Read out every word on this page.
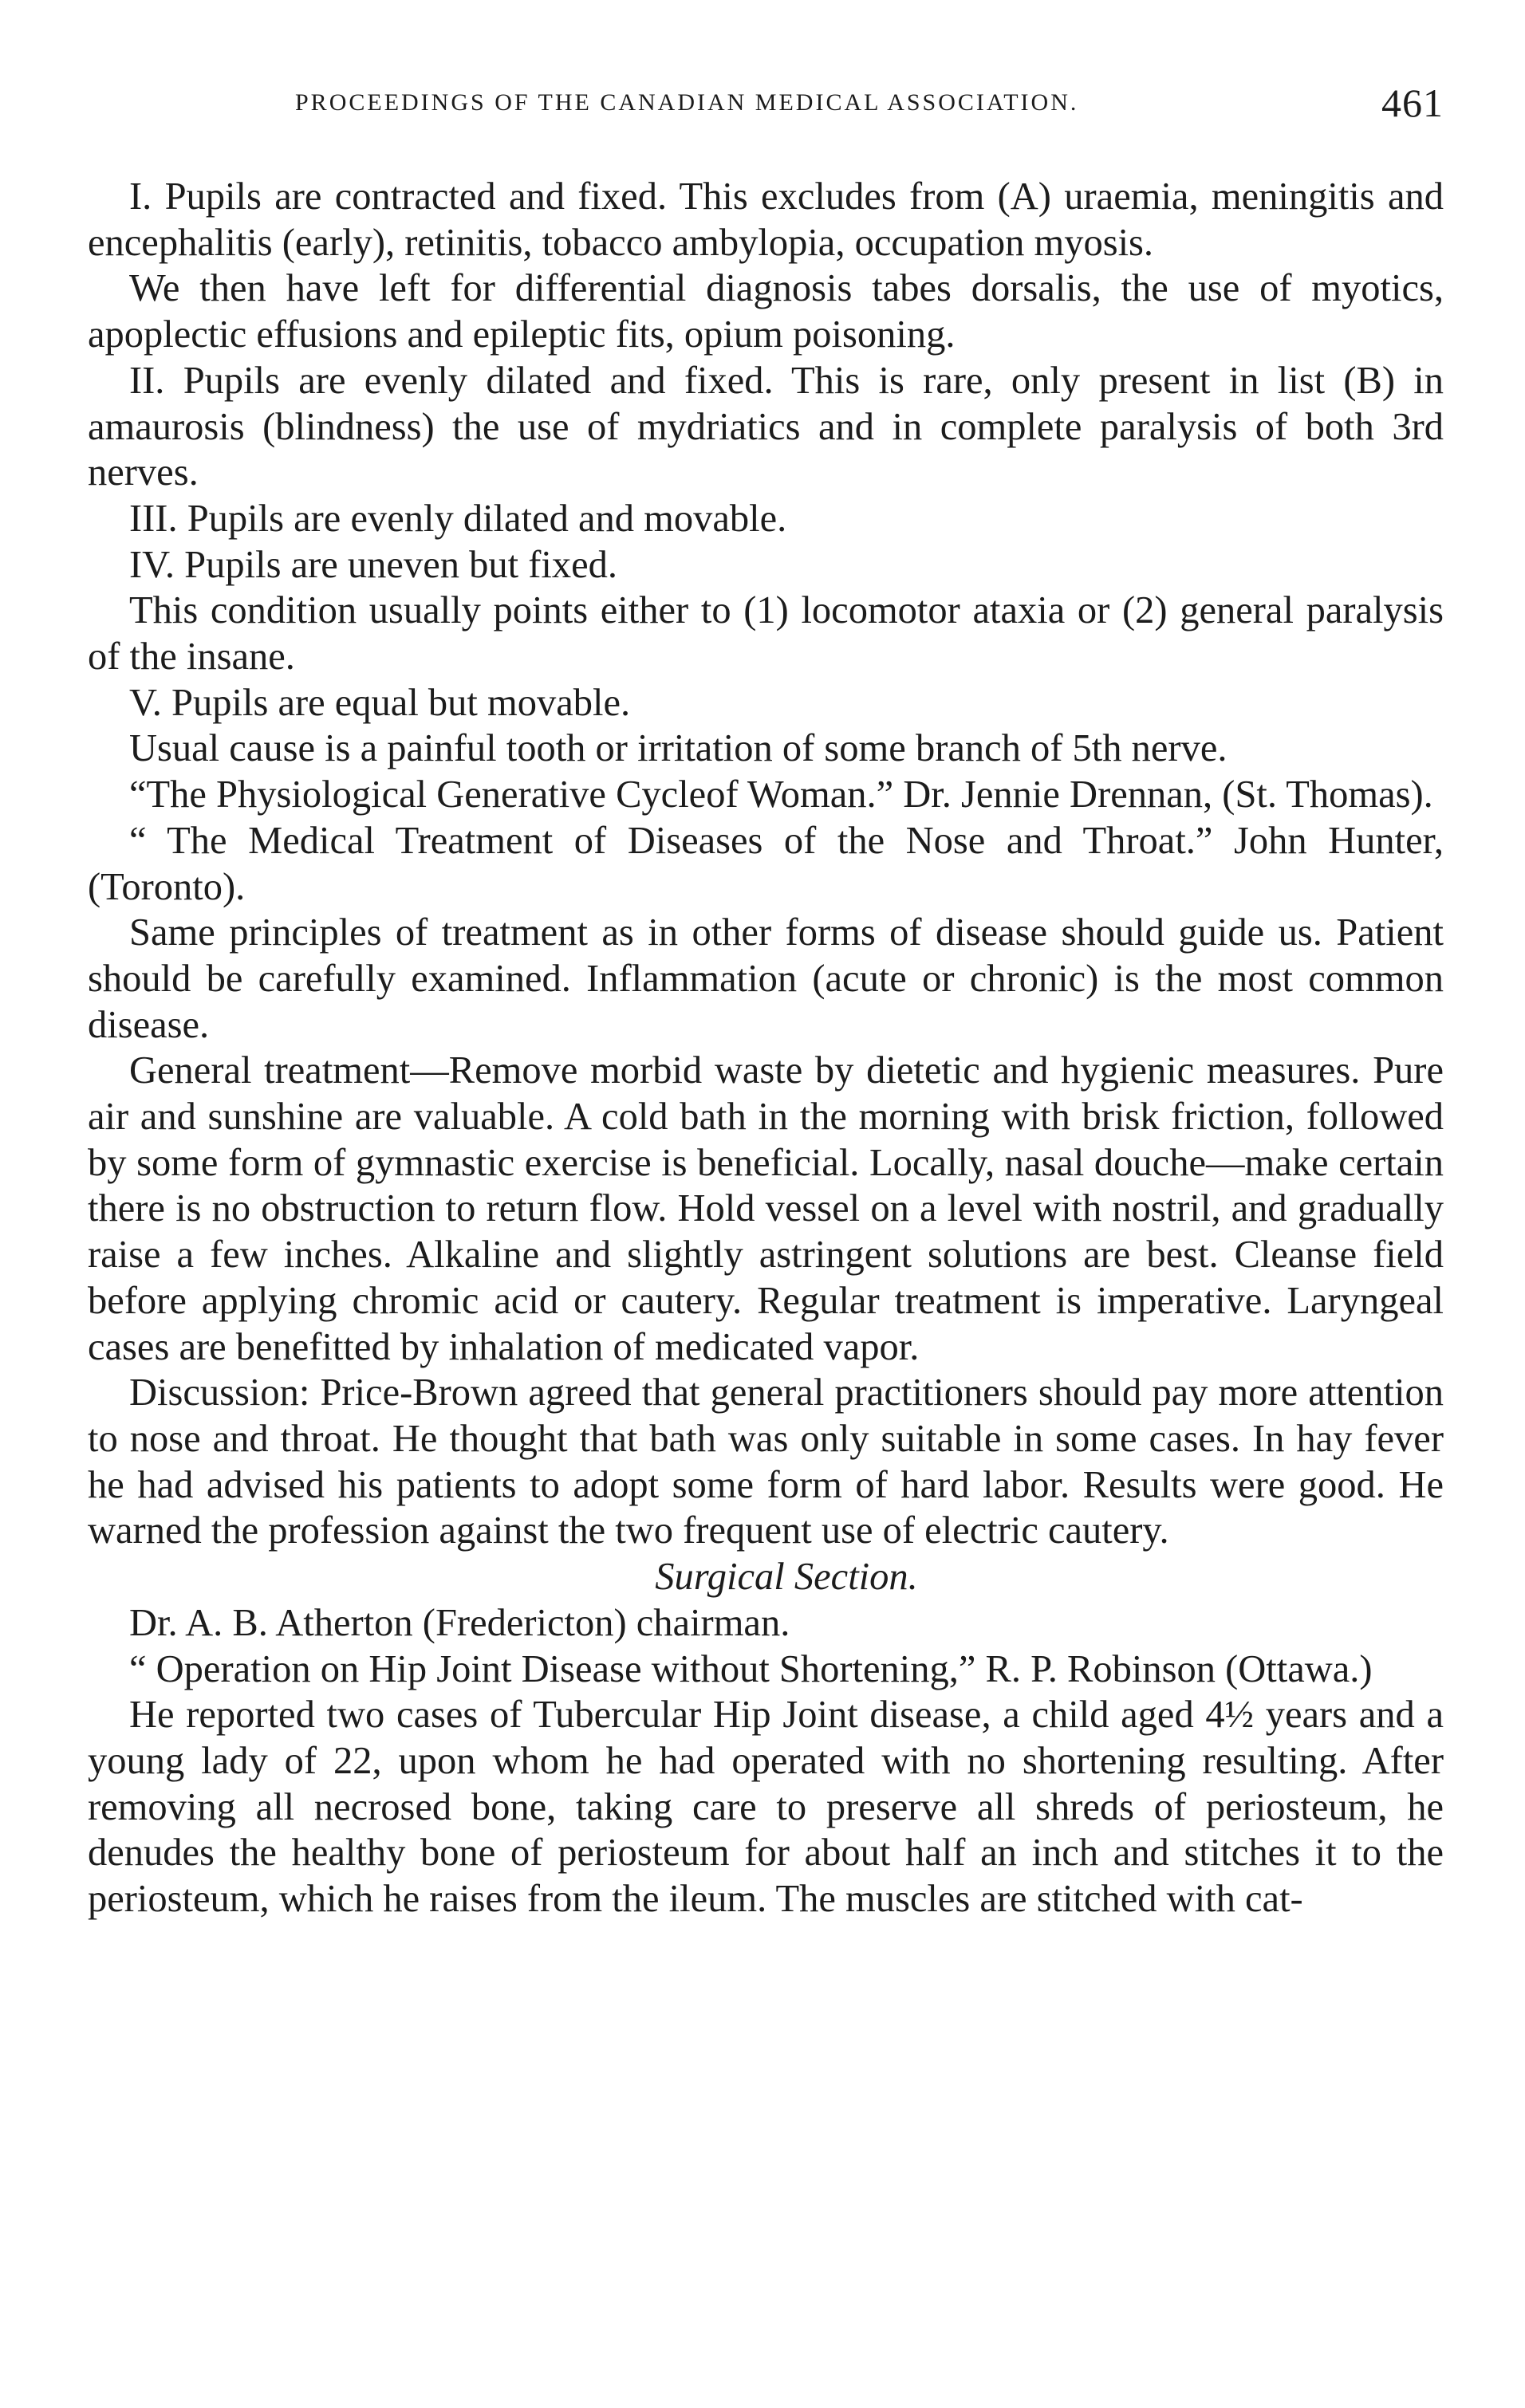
PROCEEDINGS OF THE CANADIAN MEDICAL ASSOCIATION.	461

I. Pupils are contracted and fixed. This excludes from (A) uraemia, meningitis and encephalitis (early), retinitis, tobacco ambylopia, occupation myosis.

We then have left for differential diagnosis tabes dorsalis, the use of myotics, apoplectic effusions and epileptic fits, opium poisoning.

II. Pupils are evenly dilated and fixed. This is rare, only present in list (B) in amaurosis (blindness) the use of mydriatics and in complete paralysis of both 3rd nerves.

III. Pupils are evenly dilated and movable.

IV. Pupils are uneven but fixed.

This condition usually points either to (1) locomotor ataxia or (2) general paralysis of the insane.

V. Pupils are equal but movable.

Usual cause is a painful tooth or irritation of some branch of 5th nerve.

“The Physiological Generative Cycleof Woman.” Dr. Jennie Drennan, (St. Thomas).

“ The Medical Treatment of Diseases of the Nose and Throat.” John Hunter, (Toronto).

Same principles of treatment as in other forms of disease should guide us. Patient should be carefully examined. Inflammation (acute or chronic) is the most common disease.

General treatment—Remove morbid waste by dietetic and hygienic measures. Pure air and sunshine are valuable. A cold bath in the morning with brisk friction, followed by some form of gymnastic exercise is beneficial. Locally, nasal douche—make certain there is no obstruction to return flow. Hold vessel on a level with nostril, and gradually raise a few inches. Alkaline and slightly astringent solutions are best. Cleanse field before applying chromic acid or cautery. Regular treatment is imperative. Laryngeal cases are benefitted by inhalation of medicated vapor.

Discussion: Price-Brown agreed that general practitioners should pay more attention to nose and throat. He thought that bath was only suitable in some cases. In hay fever he had advised his patients to adopt some form of hard labor. Results were good. He warned the profession against the two frequent use of electric cautery.

Surgical Section.

Dr. A. B. Atherton (Fredericton) chairman.

“ Operation on Hip Joint Disease without Shortening,” R. P. Robinson (Ottawa.)

He reported two cases of Tubercular Hip Joint disease, a child aged 4½ years and a young lady of 22, upon whom he had operated with no shortening resulting. After removing all necrosed bone, taking care to preserve all shreds of periosteum, he denudes the healthy bone of periosteum for about half an inch and stitches it to the periosteum, which he raises from the ileum. The muscles are stitched with cat-
